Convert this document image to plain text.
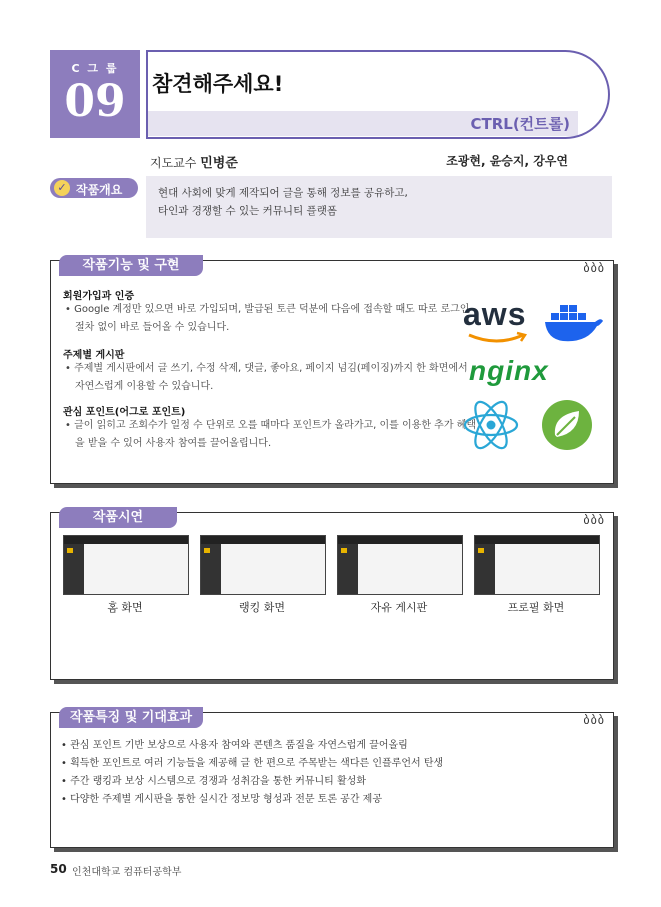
C 그 룹
09	참견해주세요!
CTRL(컨트롤)
지도교수 민병준	조광현, 윤승지, 강우연
✓ 작품개요	현대 사회에 맞게 제작되어 글을 통해 정보를 공유하고,

타인과 경쟁할 수 있는 커뮤니티 플랫폼

작품기능 및 구현	ბბბ
회원가입과 인증

• Google 계정만 있으면 바로 가입되며, 발급된 토큰 덕분에 다음에 접속할 때도 따로 로그인

절차 없이 바로 들어올 수 있습니다.

주제별 게시판

• 주제별 게시판에서 글 쓰기, 수정 삭제, 댓글, 좋아요, 페이지 넘김(페이징)까지 한 화면에서

자연스럽게 이용할 수 있습니다.

관심 포인트(어그로 포인트)

• 글이 읽히고 조회수가 일정 수 단위로 오를 때마다 포인트가 올라가고, 이를 이용한 추가 혜택

을 받을 수 있어 사용자 참여를 끌어올립니다.

aws
nginx
작품시연	ბბბ
홈 화면	랭킹 화면	자유 게시판	프로필 화면
작품특징 및 기대효과	ბბბ
• 관심 포인트 기반 보상으로 사용자 참여와 콘텐츠 품질을 자연스럽게 끌어올림
• 획득한 포인트로 여러 기능들을 제공해 글 한 편으로 주목받는 색다른 인플루언서 탄생
• 주간 랭킹과 보상 시스템으로 경쟁과 성취감을 통한 커뮤니티 활성화
• 다양한 주제별 게시판을 통한 실시간 정보망 형성과 전문 토론 공간 제공
50 인천대학교 컴퓨터공학부
